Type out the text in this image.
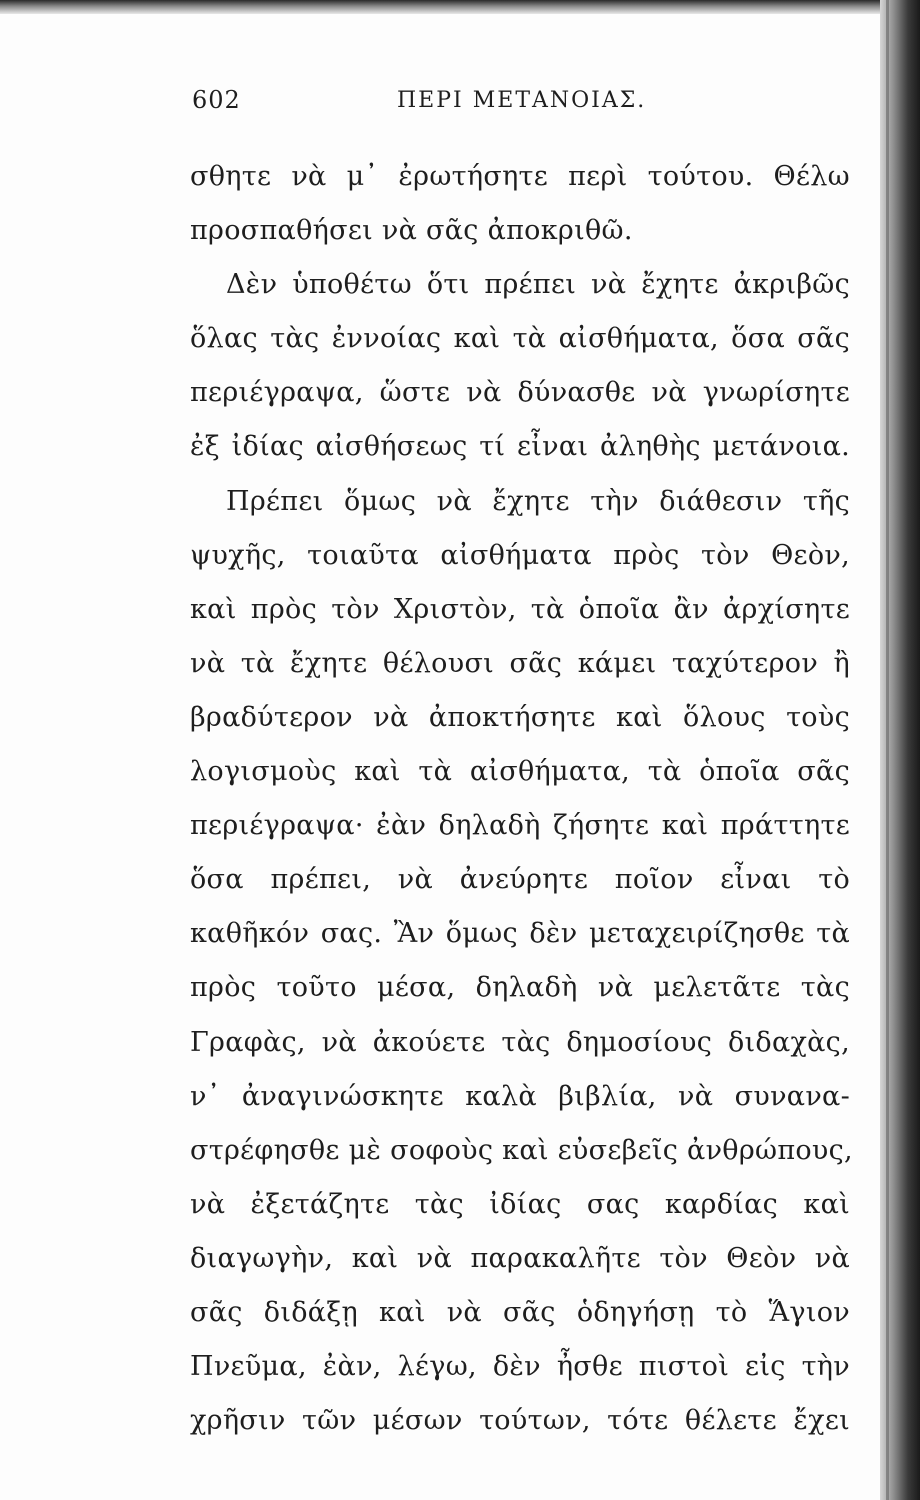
602	ΠΕΡΙ ΜΕΤΑΝΟΙΑΣ.
σθητε νὰ μ᾽ ἐρωτήσητε περὶ τούτου. Θέλω
προσπαθήσει νὰ σᾶς ἀποκριθῶ.
Δὲν ὑποθέτω ὅτι πρέπει νὰ ἔχητε ἀκριβῶς
ὅλας τὰς ἐννοίας καὶ τὰ αἰσθήματα, ὅσα σᾶς
περιέγραψα, ὥστε νὰ δύνασθε νὰ γνωρίσητε
ἐξ ἰδίας αἰσθήσεως τί εἶναι ἀληθὴς μετάνοια.
Πρέπει ὅμως νὰ ἔχητε τὴν διάθεσιν τῆς
ψυχῆς, τοιαῦτα αἰσθήματα πρὸς τὸν Θεὸν,
καὶ πρὸς τὸν Χριστὸν, τὰ ὁποῖα ἂν ἀρχίσητε
νὰ τὰ ἔχητε θέλουσι σᾶς κάμει ταχύτερον ἢ
βραδύτερον νὰ ἀποκτήσητε καὶ ὅλους τοὺς
λογισμοὺς καὶ τὰ αἰσθήματα, τὰ ὁποῖα σᾶς
περιέγραψα· ἐὰν δηλαδὴ ζήσητε καὶ πράττητε
ὅσα πρέπει, νὰ ἀνεύρητε ποῖον εἶναι τὸ
καθῆκόν σας. Ἂν ὅμως δὲν μεταχειρίζησθε τὰ
πρὸς τοῦτο μέσα, δηλαδὴ νὰ μελετᾶτε τὰς
Γραφὰς, νὰ ἀκούετε τὰς δημοσίους διδαχὰς,
ν᾽ ἀναγινώσκητε καλὰ βιβλία, νὰ συνανα-
στρέφησθε μὲ σοφοὺς καὶ εὐσεβεῖς ἀνθρώπους,
νὰ ἐξετάζητε τὰς ἰδίας σας καρδίας καὶ
διαγωγὴν, καὶ νὰ παρακαλῆτε τὸν Θεὸν νὰ
σᾶς διδάξῃ καὶ νὰ σᾶς ὁδηγήσῃ τὸ Ἅγιον
Πνεῦμα, ἐὰν, λέγω, δὲν ἦσθε πιστοὶ εἰς τὴν
χρῆσιν τῶν μέσων τούτων, τότε θέλετε ἔχει
